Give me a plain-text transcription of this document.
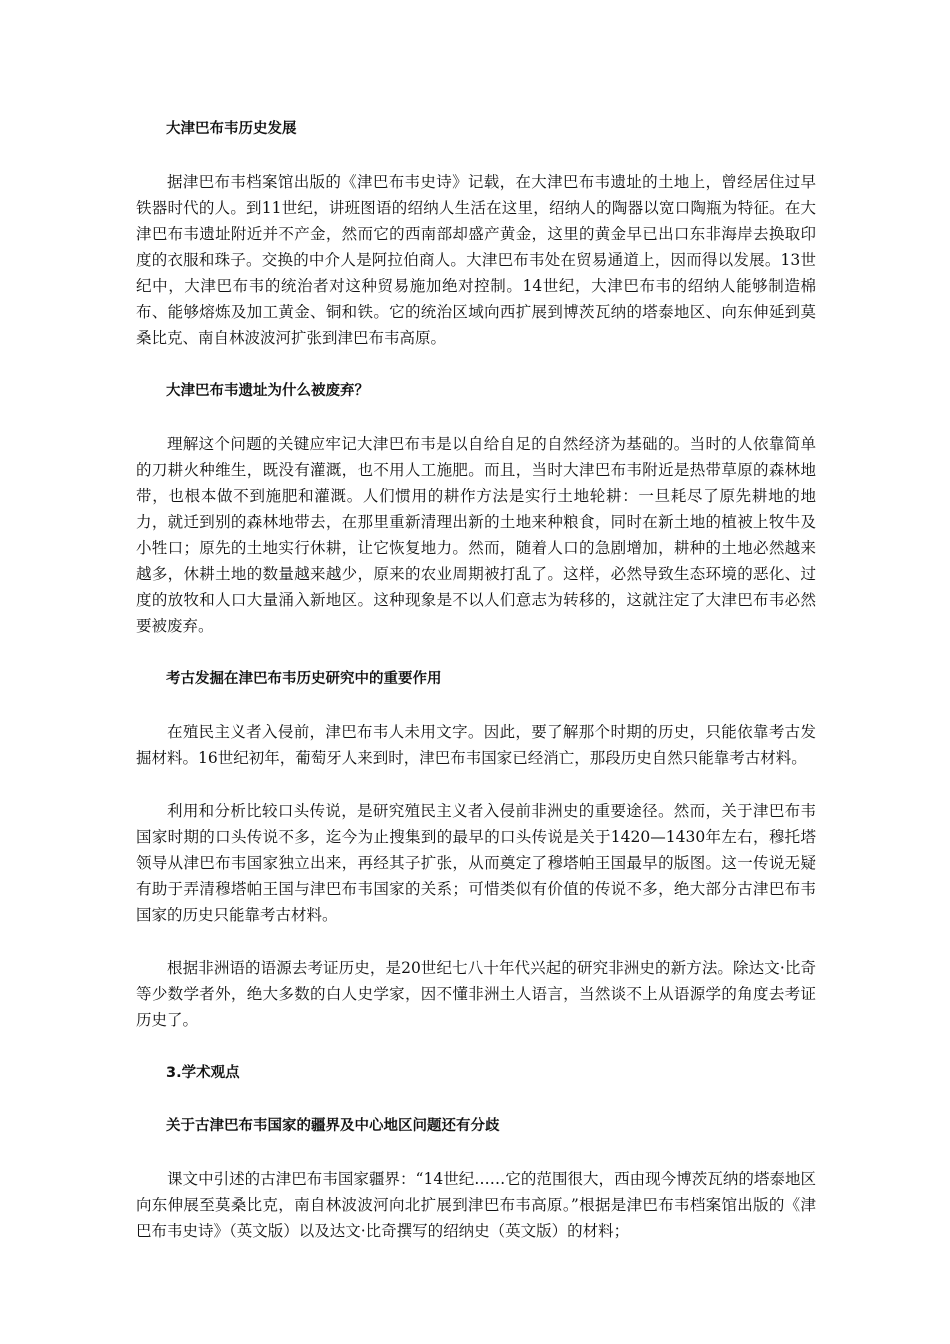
大津巴布韦历史发展

据津巴布韦档案馆出版的《津巴布韦史诗》记载，在大津巴布韦遗址的土地上，曾经居住过早铁器时代的人。到11世纪，讲班图语的绍纳人生活在这里，绍纳人的陶器以宽口陶瓶为特征。在大津巴布韦遗址附近并不产金，然而它的西南部却盛产黄金，这里的黄金早已出口东非海岸去换取印度的衣服和珠子。交换的中介人是阿拉伯商人。大津巴布韦处在贸易通道上，因而得以发展。13世纪中，大津巴布韦的统治者对这种贸易施加绝对控制。14世纪，大津巴布韦的绍纳人能够制造棉布、能够熔炼及加工黄金、铜和铁。它的统治区域向西扩展到博茨瓦纳的塔泰地区、向东伸延到莫桑比克、南自林波波河扩张到津巴布韦高原。

大津巴布韦遗址为什么被废弃？

理解这个问题的关键应牢记大津巴布韦是以自给自足的自然经济为基础的。当时的人依靠简单的刀耕火种维生，既没有灌溉，也不用人工施肥。而且，当时大津巴布韦附近是热带草原的森林地带，也根本做不到施肥和灌溉。人们惯用的耕作方法是实行土地轮耕：一旦耗尽了原先耕地的地力，就迁到别的森林地带去，在那里重新清理出新的土地来种粮食，同时在新土地的植被上牧牛及小牲口；原先的土地实行休耕，让它恢复地力。然而，随着人口的急剧增加，耕种的土地必然越来越多，休耕土地的数量越来越少，原来的农业周期被打乱了。这样，必然导致生态环境的恶化、过度的放牧和人口大量涌入新地区。这种现象是不以人们意志为转移的，这就注定了大津巴布韦必然要被废弃。

考古发掘在津巴布韦历史研究中的重要作用

在殖民主义者入侵前，津巴布韦人未用文字。因此，要了解那个时期的历史，只能依靠考古发掘材料。16世纪初年，葡萄牙人来到时，津巴布韦国家已经消亡，那段历史自然只能靠考古材料。

利用和分析比较口头传说，是研究殖民主义者入侵前非洲史的重要途径。然而，关于津巴布韦国家时期的口头传说不多，迄今为止搜集到的最早的口头传说是关于1420—1430年左右，穆托塔领导从津巴布韦国家独立出来，再经其子扩张，从而奠定了穆塔帕王国最早的版图。这一传说无疑有助于弄清穆塔帕王国与津巴布韦国家的关系；可惜类似有价值的传说不多，绝大部分古津巴布韦国家的历史只能靠考古材料。

根据非洲语的语源去考证历史，是20世纪七八十年代兴起的研究非洲史的新方法。除达文·比奇等少数学者外，绝大多数的白人史学家，因不懂非洲土人语言，当然谈不上从语源学的角度去考证历史了。

3.学术观点
关于古津巴布韦国家的疆界及中心地区问题还有分歧

课文中引述的古津巴布韦国家疆界：“14世纪……它的范围很大，西由现今博茨瓦纳的塔泰地区向东伸展至莫桑比克，南自林波波河向北扩展到津巴布韦高原。”根据是津巴布韦档案馆出版的《津巴布韦史诗》（英文版）以及达文·比奇撰写的绍纳史（英文版）的材料；
